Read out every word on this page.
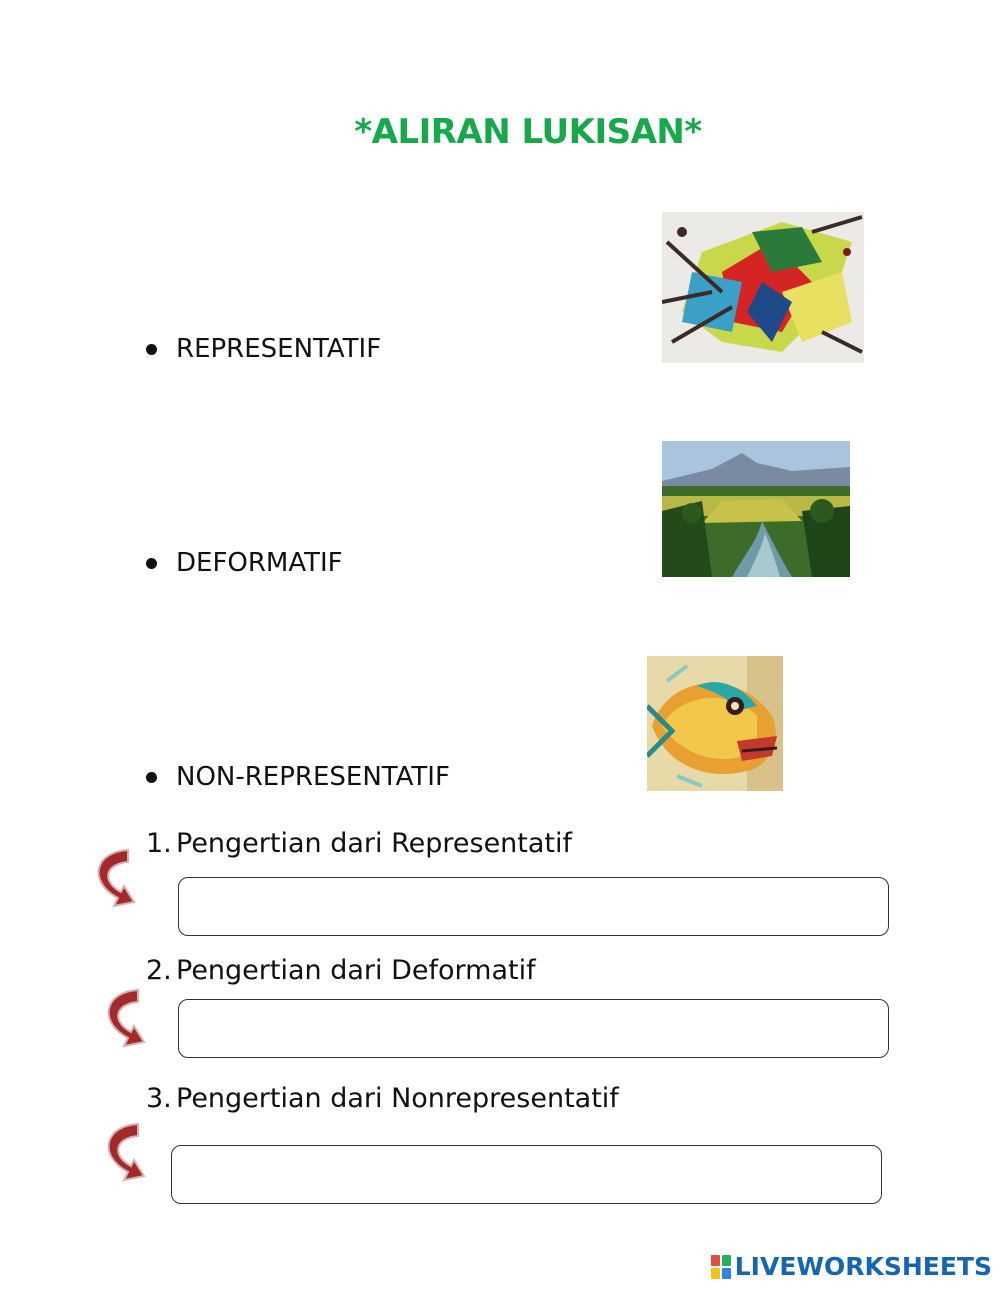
*ALIRAN LUKISAN*
REPRESENTATIF
DEFORMATIF
NON-REPRESENTATIF
1. Pengertian dari Representatif
2. Pengertian dari Deformatif
3. Pengertian dari Nonrepresentatif
LIVEWORKSHEETS
